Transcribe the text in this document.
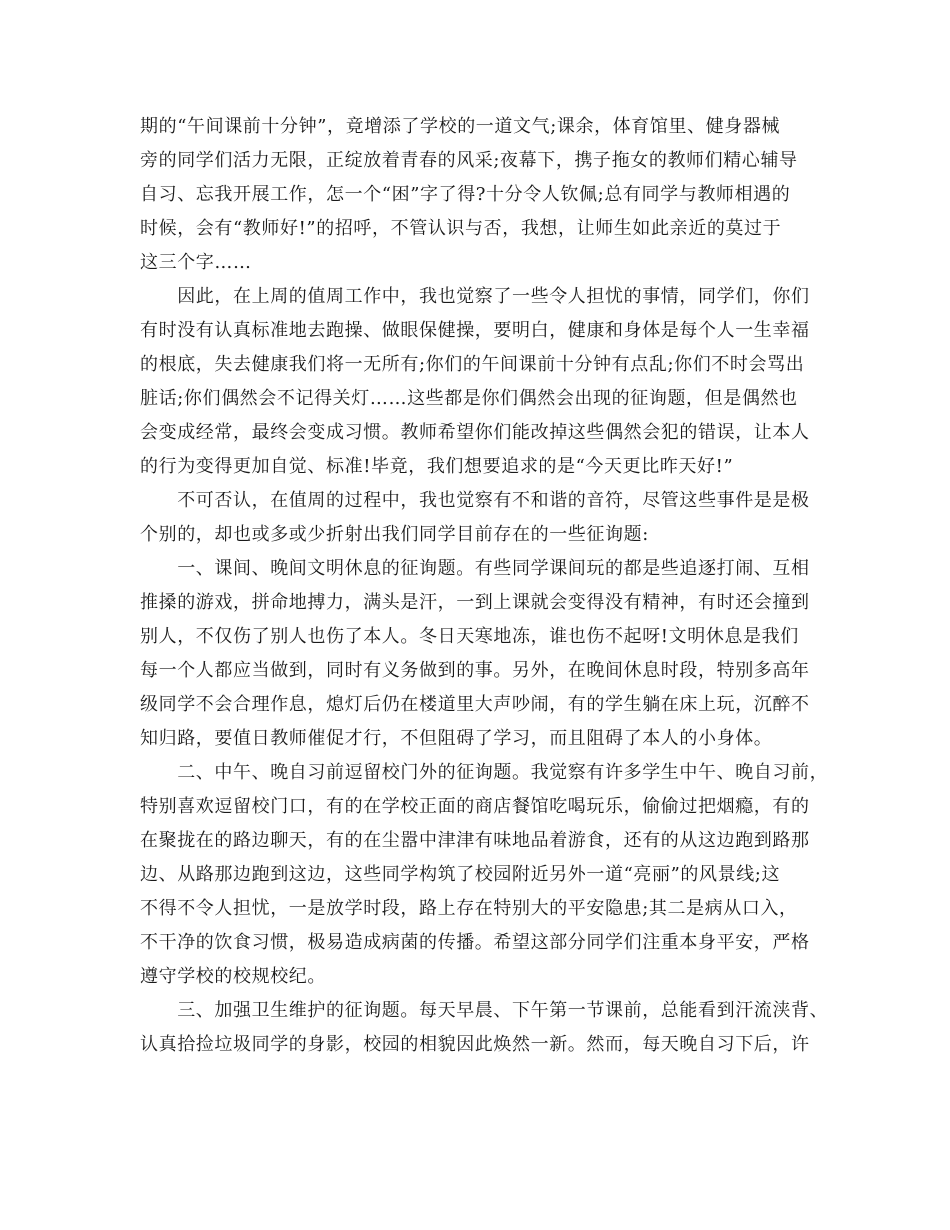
期的“午间课前十分钟”，竟增添了学校的一道文气;课余，体育馆里、健身器械
旁的同学们活力无限，正绽放着青春的风采;夜幕下，携子拖女的教师们精心辅导
自习、忘我开展工作，怎一个“困”字了得?十分令人钦佩;总有同学与教师相遇的
时候，会有“教师好!”的招呼，不管认识与否，我想，让师生如此亲近的莫过于
这三个字……
　　因此，在上周的值周工作中，我也觉察了一些令人担忧的事情，同学们，你们
有时没有认真标准地去跑操、做眼保健操，要明白，健康和身体是每个人一生幸福
的根底，失去健康我们将一无所有;你们的午间课前十分钟有点乱;你们不时会骂出
脏话;你们偶然会不记得关灯……这些都是你们偶然会出现的征询题，但是偶然也
会变成经常，最终会变成习惯。教师希望你们能改掉这些偶然会犯的错误，让本人
的行为变得更加自觉、标准!毕竟，我们想要追求的是“今天更比昨天好!”
　　不可否认，在值周的过程中，我也觉察有不和谐的音符，尽管这些事件是是极
个别的，却也或多或少折射出我们同学目前存在的一些征询题:
　　一、课间、晚间文明休息的征询题。有些同学课间玩的都是些追逐打闹、互相
推搡的游戏，拼命地搏力，满头是汗，一到上课就会变得没有精神，有时还会撞到
别人，不仅伤了别人也伤了本人。冬日天寒地冻，谁也伤不起呀!文明休息是我们
每一个人都应当做到，同时有义务做到的事。另外，在晚间休息时段，特别多高年
级同学不会合理作息，熄灯后仍在楼道里大声吵闹，有的学生躺在床上玩，沉醉不
知归路，要值日教师催促才行，不但阻碍了学习，而且阻碍了本人的小身体。
　　二、中午、晚自习前逗留校门外的征询题。我觉察有许多学生中午、晚自习前，
特别喜欢逗留校门口，有的在学校正面的商店餐馆吃喝玩乐，偷偷过把烟瘾，有的
在聚拢在的路边聊天，有的在尘嚣中津津有味地品着游食，还有的从这边跑到路那
边、从路那边跑到这边，这些同学构筑了校园附近另外一道“亮丽”的风景线;这
不得不令人担忧，一是放学时段，路上存在特别大的平安隐患;其二是病从口入，
不干净的饮食习惯，极易造成病菌的传播。希望这部分同学们注重本身平安，严格
遵守学校的校规校纪。
　　三、加强卫生维护的征询题。每天早晨、下午第一节课前，总能看到汗流浃背、
认真拾捡垃圾同学的身影，校园的相貌因此焕然一新。然而，每天晚自习下后，许
